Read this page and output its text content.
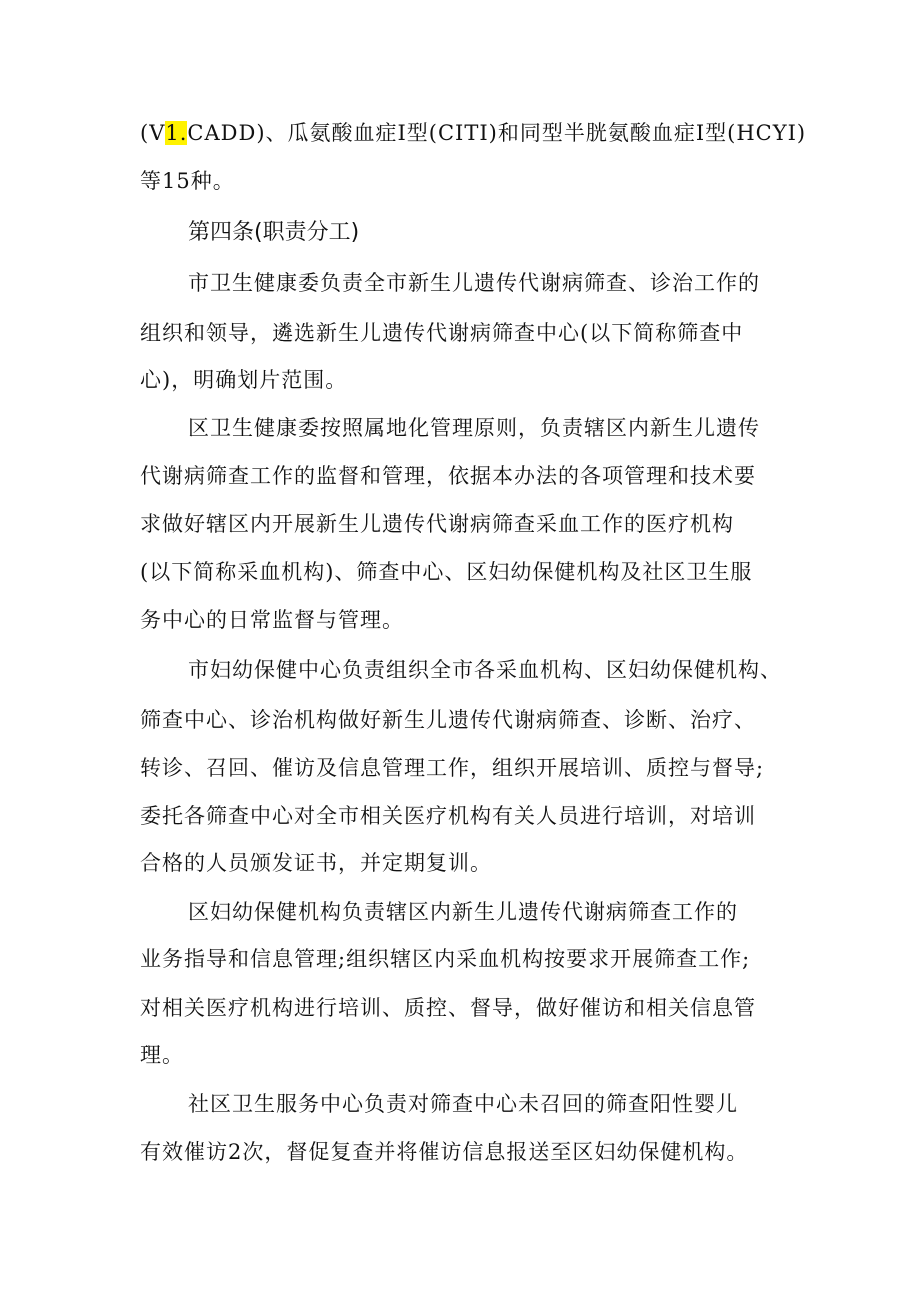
(V1.CADD)、瓜氨酸血症Ⅰ型(CITⅠ)和同型半胱氨酸血症Ⅰ型(HCYⅠ)
等15种。
第四条(职责分工)
市卫生健康委负责全市新生儿遗传代谢病筛查、诊治工作的
组织和领导，遴选新生儿遗传代谢病筛查中心(以下简称筛查中
心)，明确划片范围。
区卫生健康委按照属地化管理原则，负责辖区内新生儿遗传
代谢病筛查工作的监督和管理，依据本办法的各项管理和技术要
求做好辖区内开展新生儿遗传代谢病筛查采血工作的医疗机构
(以下简称采血机构)、筛查中心、区妇幼保健机构及社区卫生服
务中心的日常监督与管理。
市妇幼保健中心负责组织全市各采血机构、区妇幼保健机构、
筛查中心、诊治机构做好新生儿遗传代谢病筛查、诊断、治疗、
转诊、召回、催访及信息管理工作，组织开展培训、质控与督导;
委托各筛查中心对全市相关医疗机构有关人员进行培训，对培训
合格的人员颁发证书，并定期复训。
区妇幼保健机构负责辖区内新生儿遗传代谢病筛查工作的
业务指导和信息管理;组织辖区内采血机构按要求开展筛查工作;
对相关医疗机构进行培训、质控、督导，做好催访和相关信息管
理。
社区卫生服务中心负责对筛查中心未召回的筛查阳性婴儿
有效催访2次，督促复查并将催访信息报送至区妇幼保健机构。
